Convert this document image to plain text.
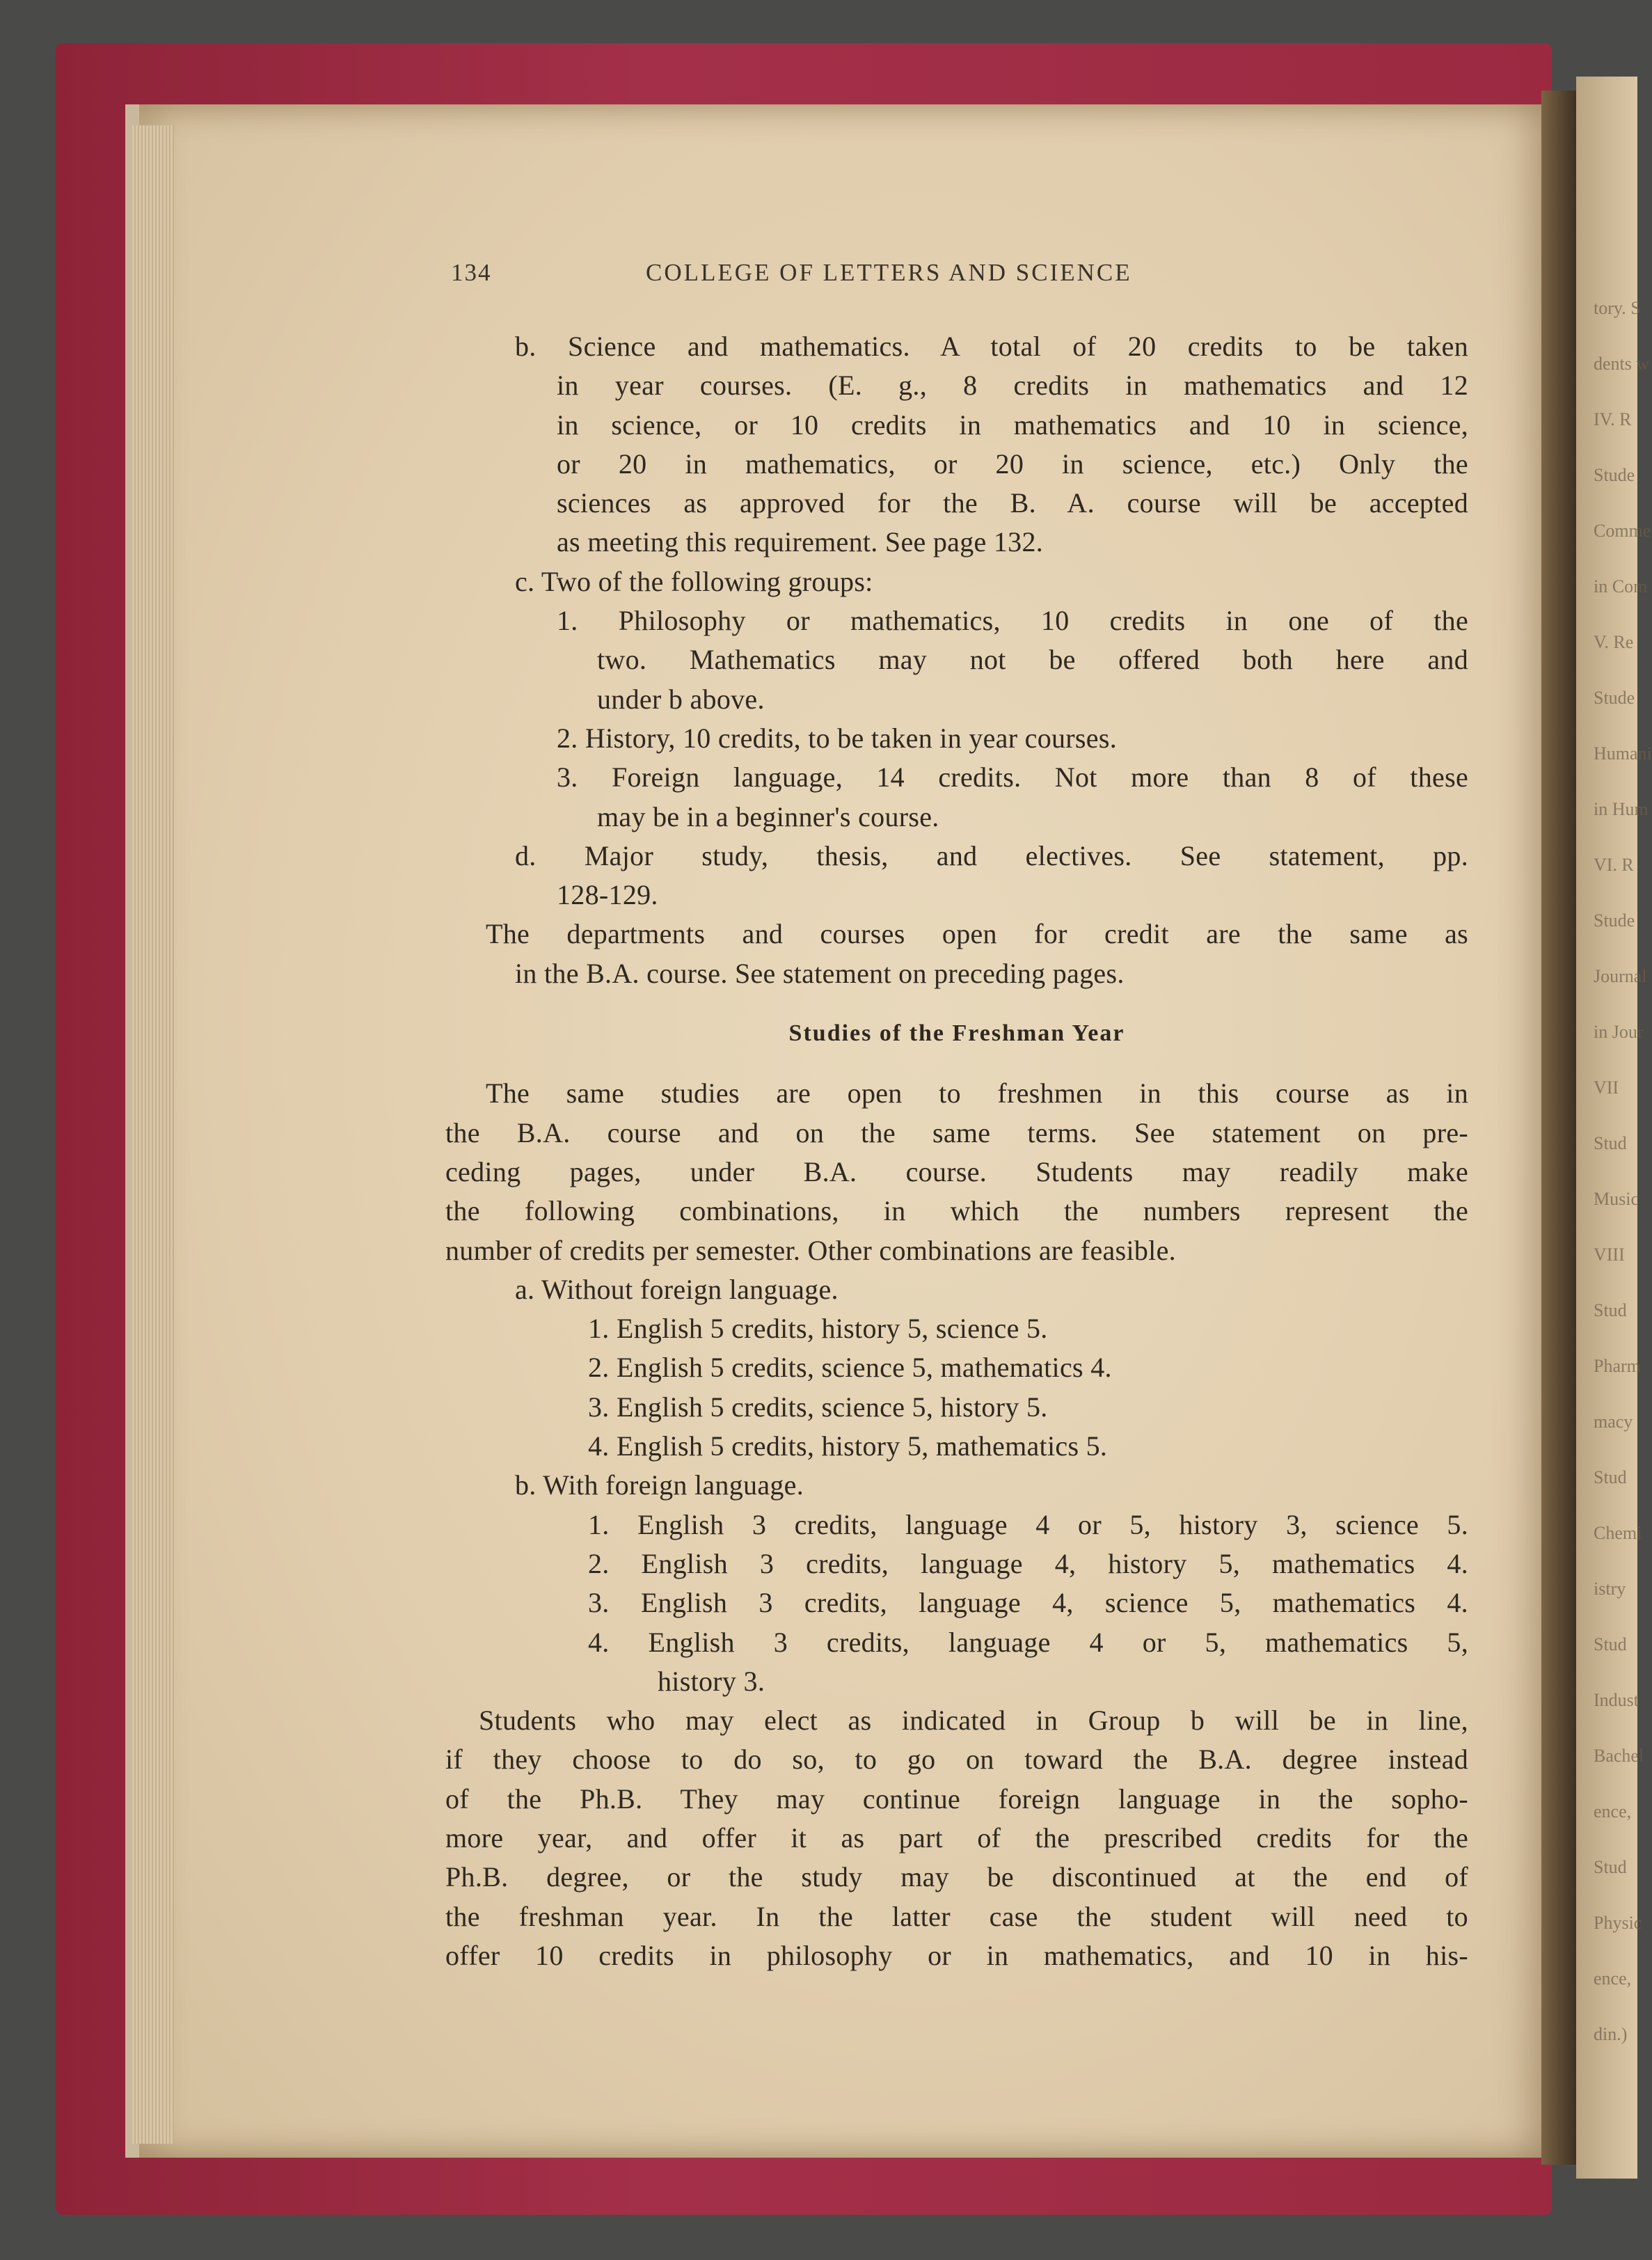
tory. S
dents w
IV. R
Stude
Comme
in Com
V. Re
Stude
Humani
in Hum
VI. R
Stude
Journal
in Jour
VII
Stud
Music
VIII
Stud
Pharm
macy
Stud
Chemi
istry
Stud
Indust
Bachel
ence,
Stud
Physic
ence,
din.)
134	COLLEGE OF LETTERS AND SCIENCE
b. Science and mathematics. A total of 20 credits to be taken
in year courses. (E. g., 8 credits in mathematics and 12
in science, or 10 credits in mathematics and 10 in science,
or 20 in mathematics, or 20 in science, etc.) Only the
sciences as approved for the B. A. course will be accepted
as meeting this requirement. See page 132.
c. Two of the following groups:
1. Philosophy or mathematics, 10 credits in one of the
two. Mathematics may not be offered both here and
under b above.
2. History, 10 credits, to be taken in year courses.
3. Foreign language, 14 credits. Not more than 8 of these
may be in a beginner's course.
d. Major study, thesis, and electives. See statement, pp.
128-129.
The departments and courses open for credit are the same as
in the B.A. course. See statement on preceding pages.
Studies of the Freshman Year
The same studies are open to freshmen in this course as in
the B.A. course and on the same terms. See statement on pre-
ceding pages, under B.A. course. Students may readily make
the following combinations, in which the numbers represent the
number of credits per semester. Other combinations are feasible.
a. Without foreign language.
1. English 5 credits, history 5, science 5.
2. English 5 credits, science 5, mathematics 4.
3. English 5 credits, science 5, history 5.
4. English 5 credits, history 5, mathematics 5.
b. With foreign language.
1. English 3 credits, language 4 or 5, history 3, science 5.
2. English 3 credits, language 4, history 5, mathematics 4.
3. English 3 credits, language 4, science 5, mathematics 4.
4. English 3 credits, language 4 or 5, mathematics 5,
history 3.
Students who may elect as indicated in Group b will be in line,
if they choose to do so, to go on toward the B.A. degree instead
of the Ph.B. They may continue foreign language in the sopho-
more year, and offer it as part of the prescribed credits for the
Ph.B. degree, or the study may be discontinued at the end of
the freshman year. In the latter case the student will need to
offer 10 credits in philosophy or in mathematics, and 10 in his-
